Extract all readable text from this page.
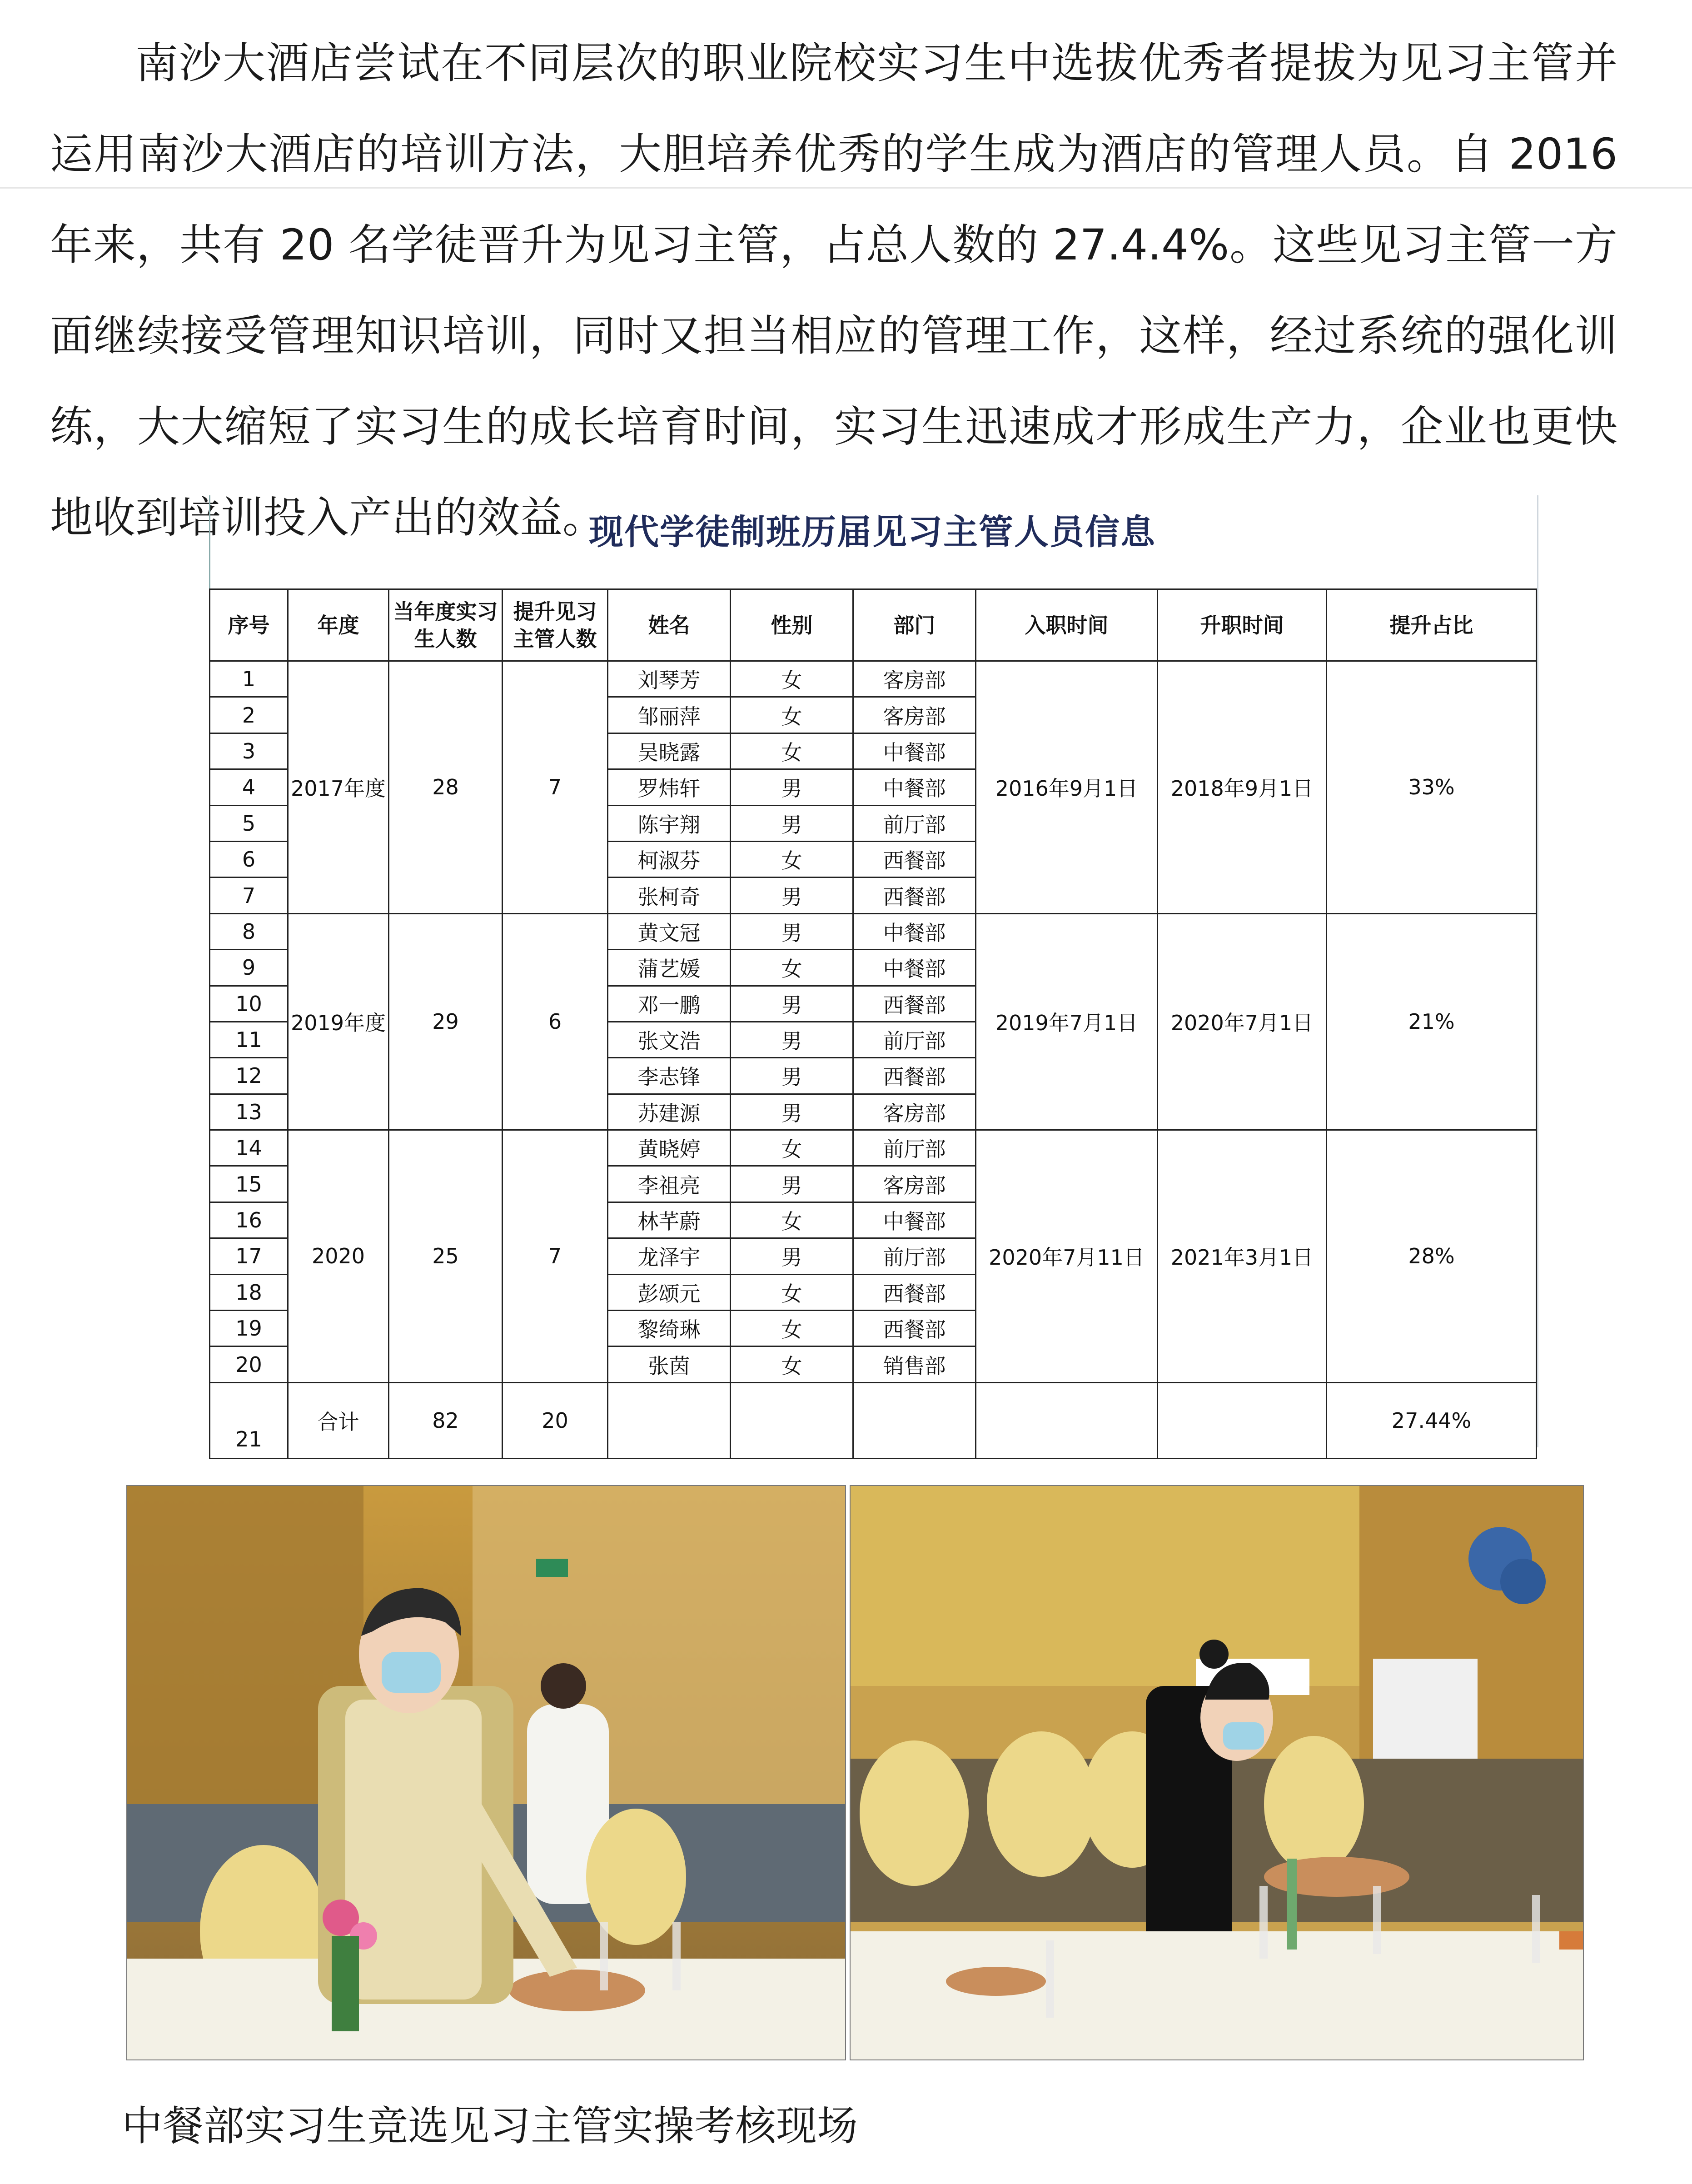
南沙大酒店尝试在不同层次的职业院校实习生中选拔优秀者提拔为见习主管并运用南沙大酒店的培训方法，大胆培养优秀的学生成为酒店的管理人员。自 2016 年来，共有 20 名学徒晋升为见习主管，占总人数的 27.4.4%。这些见习主管一方面继续接受管理知识培训，同时又担当相应的管理工作，这样，经过系统的强化训练，大大缩短了实习生的成长培育时间，实习生迅速成才形成生产力，企业也更快地收到培训投入产出的效益。

现代学徒制班历届见习主管人员信息
序号	年度	当年度实习生人数	提升见习主管人数	姓名	性别	部门	入职时间	升职时间	提升占比
1	2017年度	28	7	刘琴芳	女	客房部	2016年9月1日	2018年9月1日	33%
2				邹丽萍	女	客房部			
3				吴晓露	女	中餐部			
4				罗炜轩	男	中餐部			
5				陈宇翔	男	前厅部			
6				柯淑芬	女	西餐部			
7				张柯奇	男	西餐部			
8	2019年度	29	6	黄文冠	男	中餐部	2019年7月1日	2020年7月1日	21%
9				蒲艺媛	女	中餐部			
10				邓一鹏	男	西餐部			
11				张文浩	男	前厅部			
12				李志锋	男	西餐部			
13				苏建源	男	客房部			
14	2020	25	7	黄晓婷	女	前厅部	2020年7月11日	2021年3月1日	28%
15				李祖亮	男	客房部			
16				林芊蔚	女	中餐部			
17				龙泽宇	男	前厅部			
18				彭颂元	女	西餐部			
19				黎绮琳	女	西餐部			
20				张茵	女	销售部			
21	合计	82	20						27.44%
中餐部实习生竞选见习主管实操考核现场
